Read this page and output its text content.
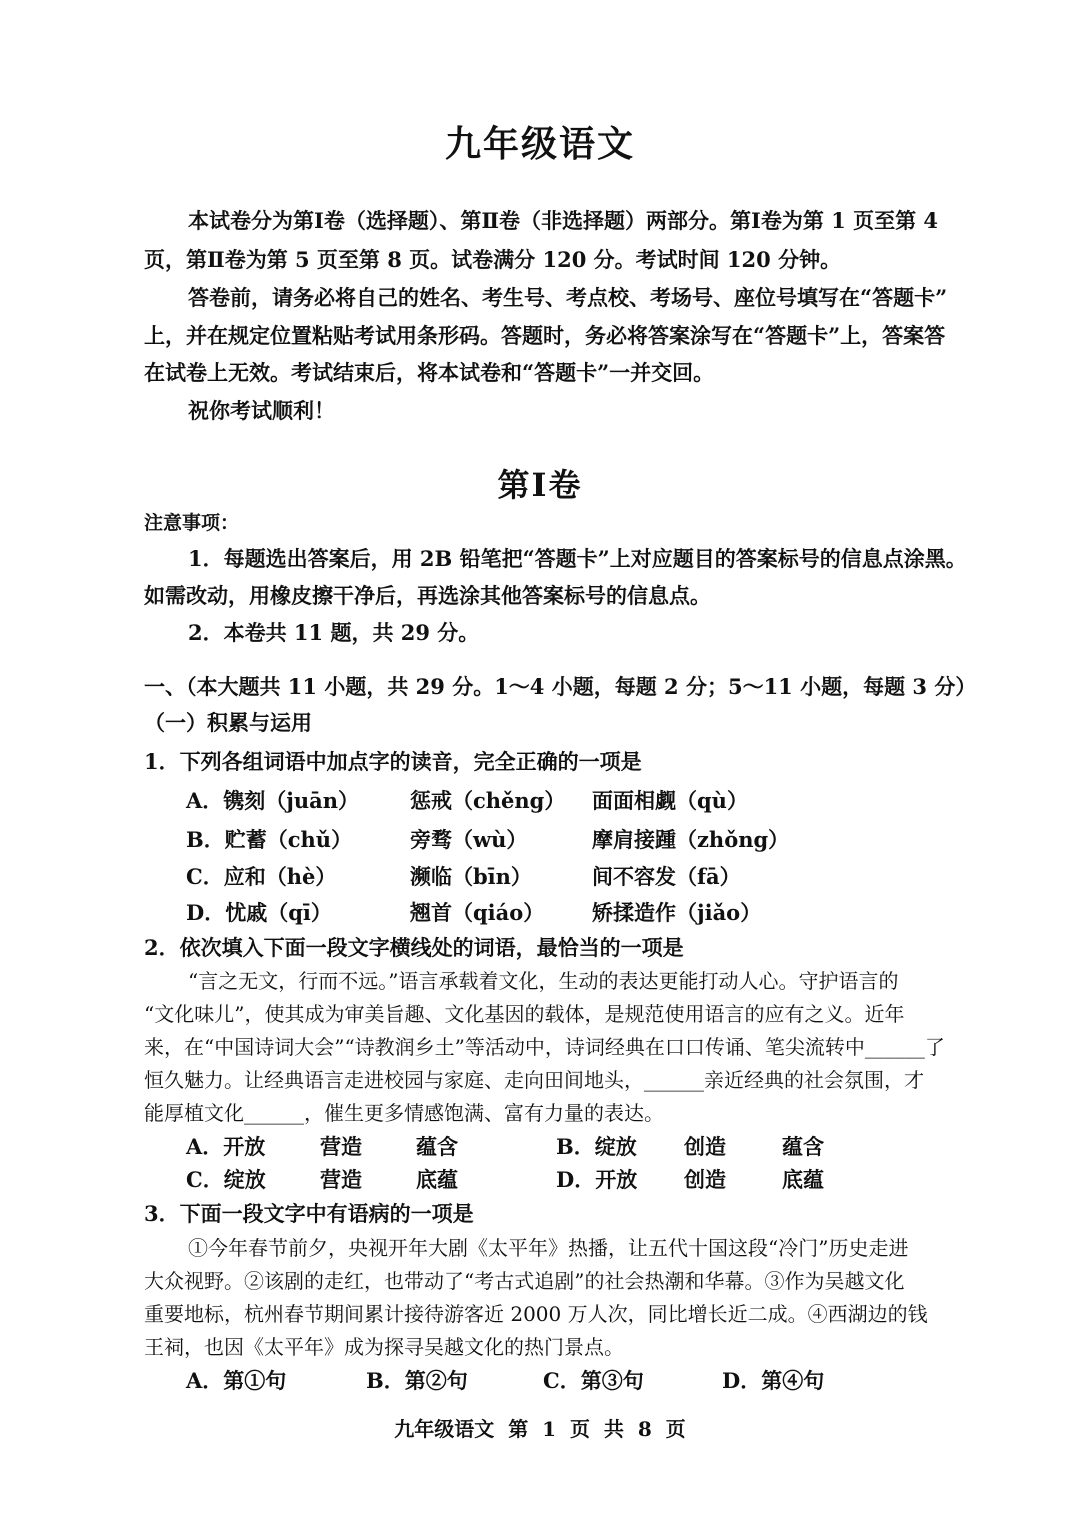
九年级语文
本试卷分为第Ⅰ卷（选择题）、第Ⅱ卷（非选择题）两部分。第Ⅰ卷为第 1 页至第 4
页，第Ⅱ卷为第 5 页至第 8 页。试卷满分 120 分。考试时间 120 分钟。
答卷前，请务必将自己的姓名、考生号、考点校、考场号、座位号填写在“答题卡”
上，并在规定位置粘贴考试用条形码。答题时，务必将答案涂写在“答题卡”上，答案答
在试卷上无效。考试结束后，将本试卷和“答题卡”一并交回。
祝你考试顺利！
第Ⅰ卷
注意事项：
1．每题选出答案后，用 2B 铅笔把“答题卡”上对应题目的答案标号的信息点涂黑。
如需改动，用橡皮擦干净后，再选涂其他答案标号的信息点。
2．本卷共 11 题，共 29 分。
一、（本大题共 11 小题，共 29 分。1～4 小题，每题 2 分；5～11 小题，每题 3 分）
（一）积累与运用
1．下列各组词语中加点字的读音，完全正确的一项是
A．镌刻（juān） 惩戒（chěng） 面面相觑（qù）
B．贮蓄（chǔ）	旁骛（wù）	摩肩接踵（zhǒng）
C．应和（hè）	濒临（bīn）	间不容发（fā）
D．忧戚（qī）	翘首（qiáo） 矫揉造作（jiǎo）
2．依次填入下面一段文字横线处的词语，最恰当的一项是
“言之无文，行而不远。”语言承载着文化，生动的表达更能打动人心。守护语言的
“文化味儿”，使其成为审美旨趣、文化基因的载体，是规范使用语言的应有之义。近年
来，在“中国诗词大会”“诗教润乡土”等活动中，诗词经典在口口传诵、笔尖流转中______了
恒久魅力。让经典语言走进校园与家庭、走向田间地头，______亲近经典的社会氛围，才
能厚植文化______，催生更多情感饱满、富有力量的表达。
A．开放	营造	蕴含	B．绽放 创造	蕴含
C．绽放	营造	底蕴	D．开放 创造	底蕴
3．下面一段文字中有语病的一项是
①今年春节前夕，央视开年大剧《太平年》热播，让五代十国这段“冷门”历史走进
大众视野。②该剧的走红，也带动了“考古式追剧”的社会热潮和华幕。③作为吴越文化
重要地标，杭州春节期间累计接待游客近 2000 万人次，同比增长近二成。④西湖边的钱
王祠，也因《太平年》成为探寻吴越文化的热门景点。
A．第①句	B．第②句	C．第③句	D．第④句
九年级语文  第  1  页  共  8  页
